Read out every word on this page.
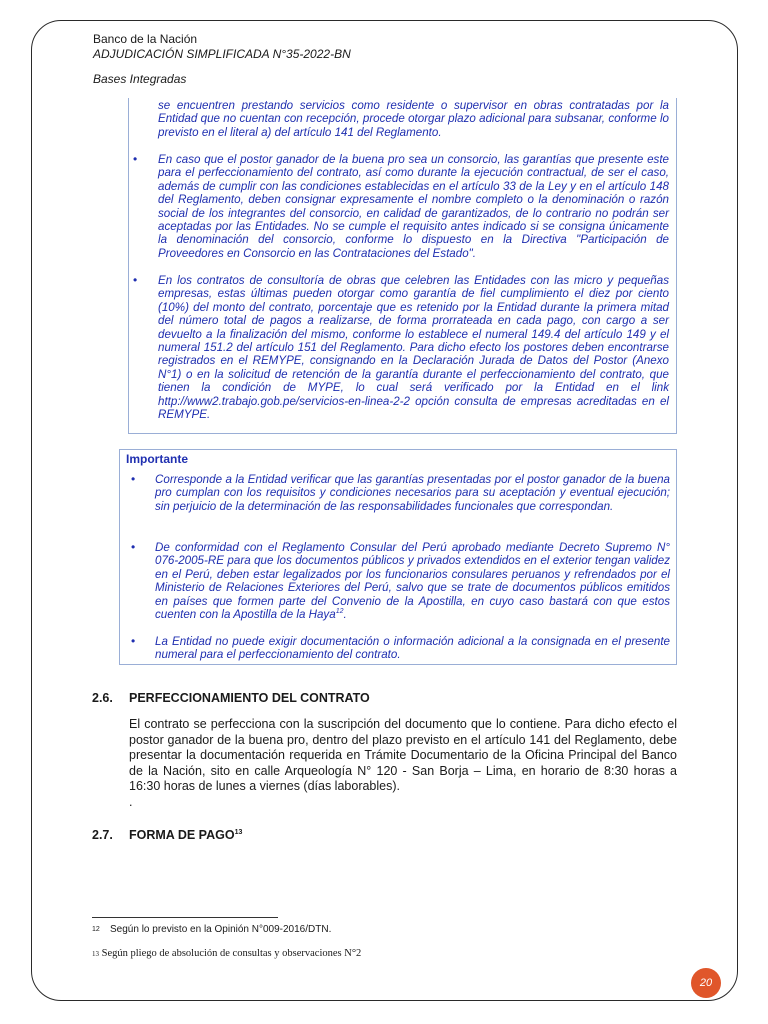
Banco de la Nación
ADJUDICACIÓN SIMPLIFICADA N°35-2022-BN
Bases Integradas
se encuentren prestando servicios como residente o supervisor en obras contratadas por la Entidad que no cuentan con recepción, procede otorgar plazo adicional para subsanar, conforme lo previsto en el literal a) del artículo 141 del Reglamento.
• En caso que el postor ganador de la buena pro sea un consorcio, las garantías que presente este para el perfeccionamiento del contrato, así como durante la ejecución contractual, de ser el caso, además de cumplir con las condiciones establecidas en el artículo 33 de la Ley y en el artículo 148 del Reglamento, deben consignar expresamente el nombre completo o la denominación o razón social de los integrantes del consorcio, en calidad de garantizados, de lo contrario no podrán ser aceptadas por las Entidades. No se cumple el requisito antes indicado si se consigna únicamente la denominación del consorcio, conforme lo dispuesto en la Directiva "Participación de Proveedores en Consorcio en las Contrataciones del Estado".
• En los contratos de consultoría de obras que celebren las Entidades con las micro y pequeñas empresas, estas últimas pueden otorgar como garantía de fiel cumplimiento el diez por ciento (10%) del monto del contrato, porcentaje que es retenido por la Entidad durante la primera mitad del número total de pagos a realizarse, de forma prorrateada en cada pago, con cargo a ser devuelto a la finalización del mismo, conforme lo establece el numeral 149.4 del artículo 149 y el numeral 151.2 del artículo 151 del Reglamento. Para dicho efecto los postores deben encontrarse registrados en el REMYPE, consignando en la Declaración Jurada de Datos del Postor (Anexo N°1) o en la solicitud de retención de la garantía durante el perfeccionamiento del contrato, que tienen la condición de MYPE, lo cual será verificado por la Entidad en el link http://www2.trabajo.gob.pe/servicios-en-linea-2-2 opción consulta de empresas acreditadas en el REMYPE.
Importante
• Corresponde a la Entidad verificar que las garantías presentadas por el postor ganador de la buena pro cumplan con los requisitos y condiciones necesarios para su aceptación y eventual ejecución; sin perjuicio de la determinación de las responsabilidades funcionales que correspondan.
• De conformidad con el Reglamento Consular del Perú aprobado mediante Decreto Supremo N° 076-2005-RE para que los documentos públicos y privados extendidos en el exterior tengan validez en el Perú, deben estar legalizados por los funcionarios consulares peruanos y refrendados por el Ministerio de Relaciones Exteriores del Perú, salvo que se trate de documentos públicos emitidos en países que formen parte del Convenio de la Apostilla, en cuyo caso bastará con que estos cuenten con la Apostilla de la Haya$^{12}$.
• La Entidad no puede exigir documentación o información adicional a la consignada en el presente numeral para el perfeccionamiento del contrato.
2.6. PERFECCIONAMIENTO DEL CONTRATO
El contrato se perfecciona con la suscripción del documento que lo contiene. Para dicho efecto el postor ganador de la buena pro, dentro del plazo previsto en el artículo 141 del Reglamento, debe presentar la documentación requerida en Trámite Documentario de la Oficina Principal del Banco de la Nación, sito en calle Arqueología N° 120 - San Borja – Lima, en horario de 8:30 horas a 16:30 horas de lunes a viernes (días laborables).
.
2.7. FORMA DE PAGO$^{13}$
12 Según lo previsto en la Opinión N°009-2016/DTN.
$^{13}$ Según pliego de absolución de consultas y observaciones N°2
20
